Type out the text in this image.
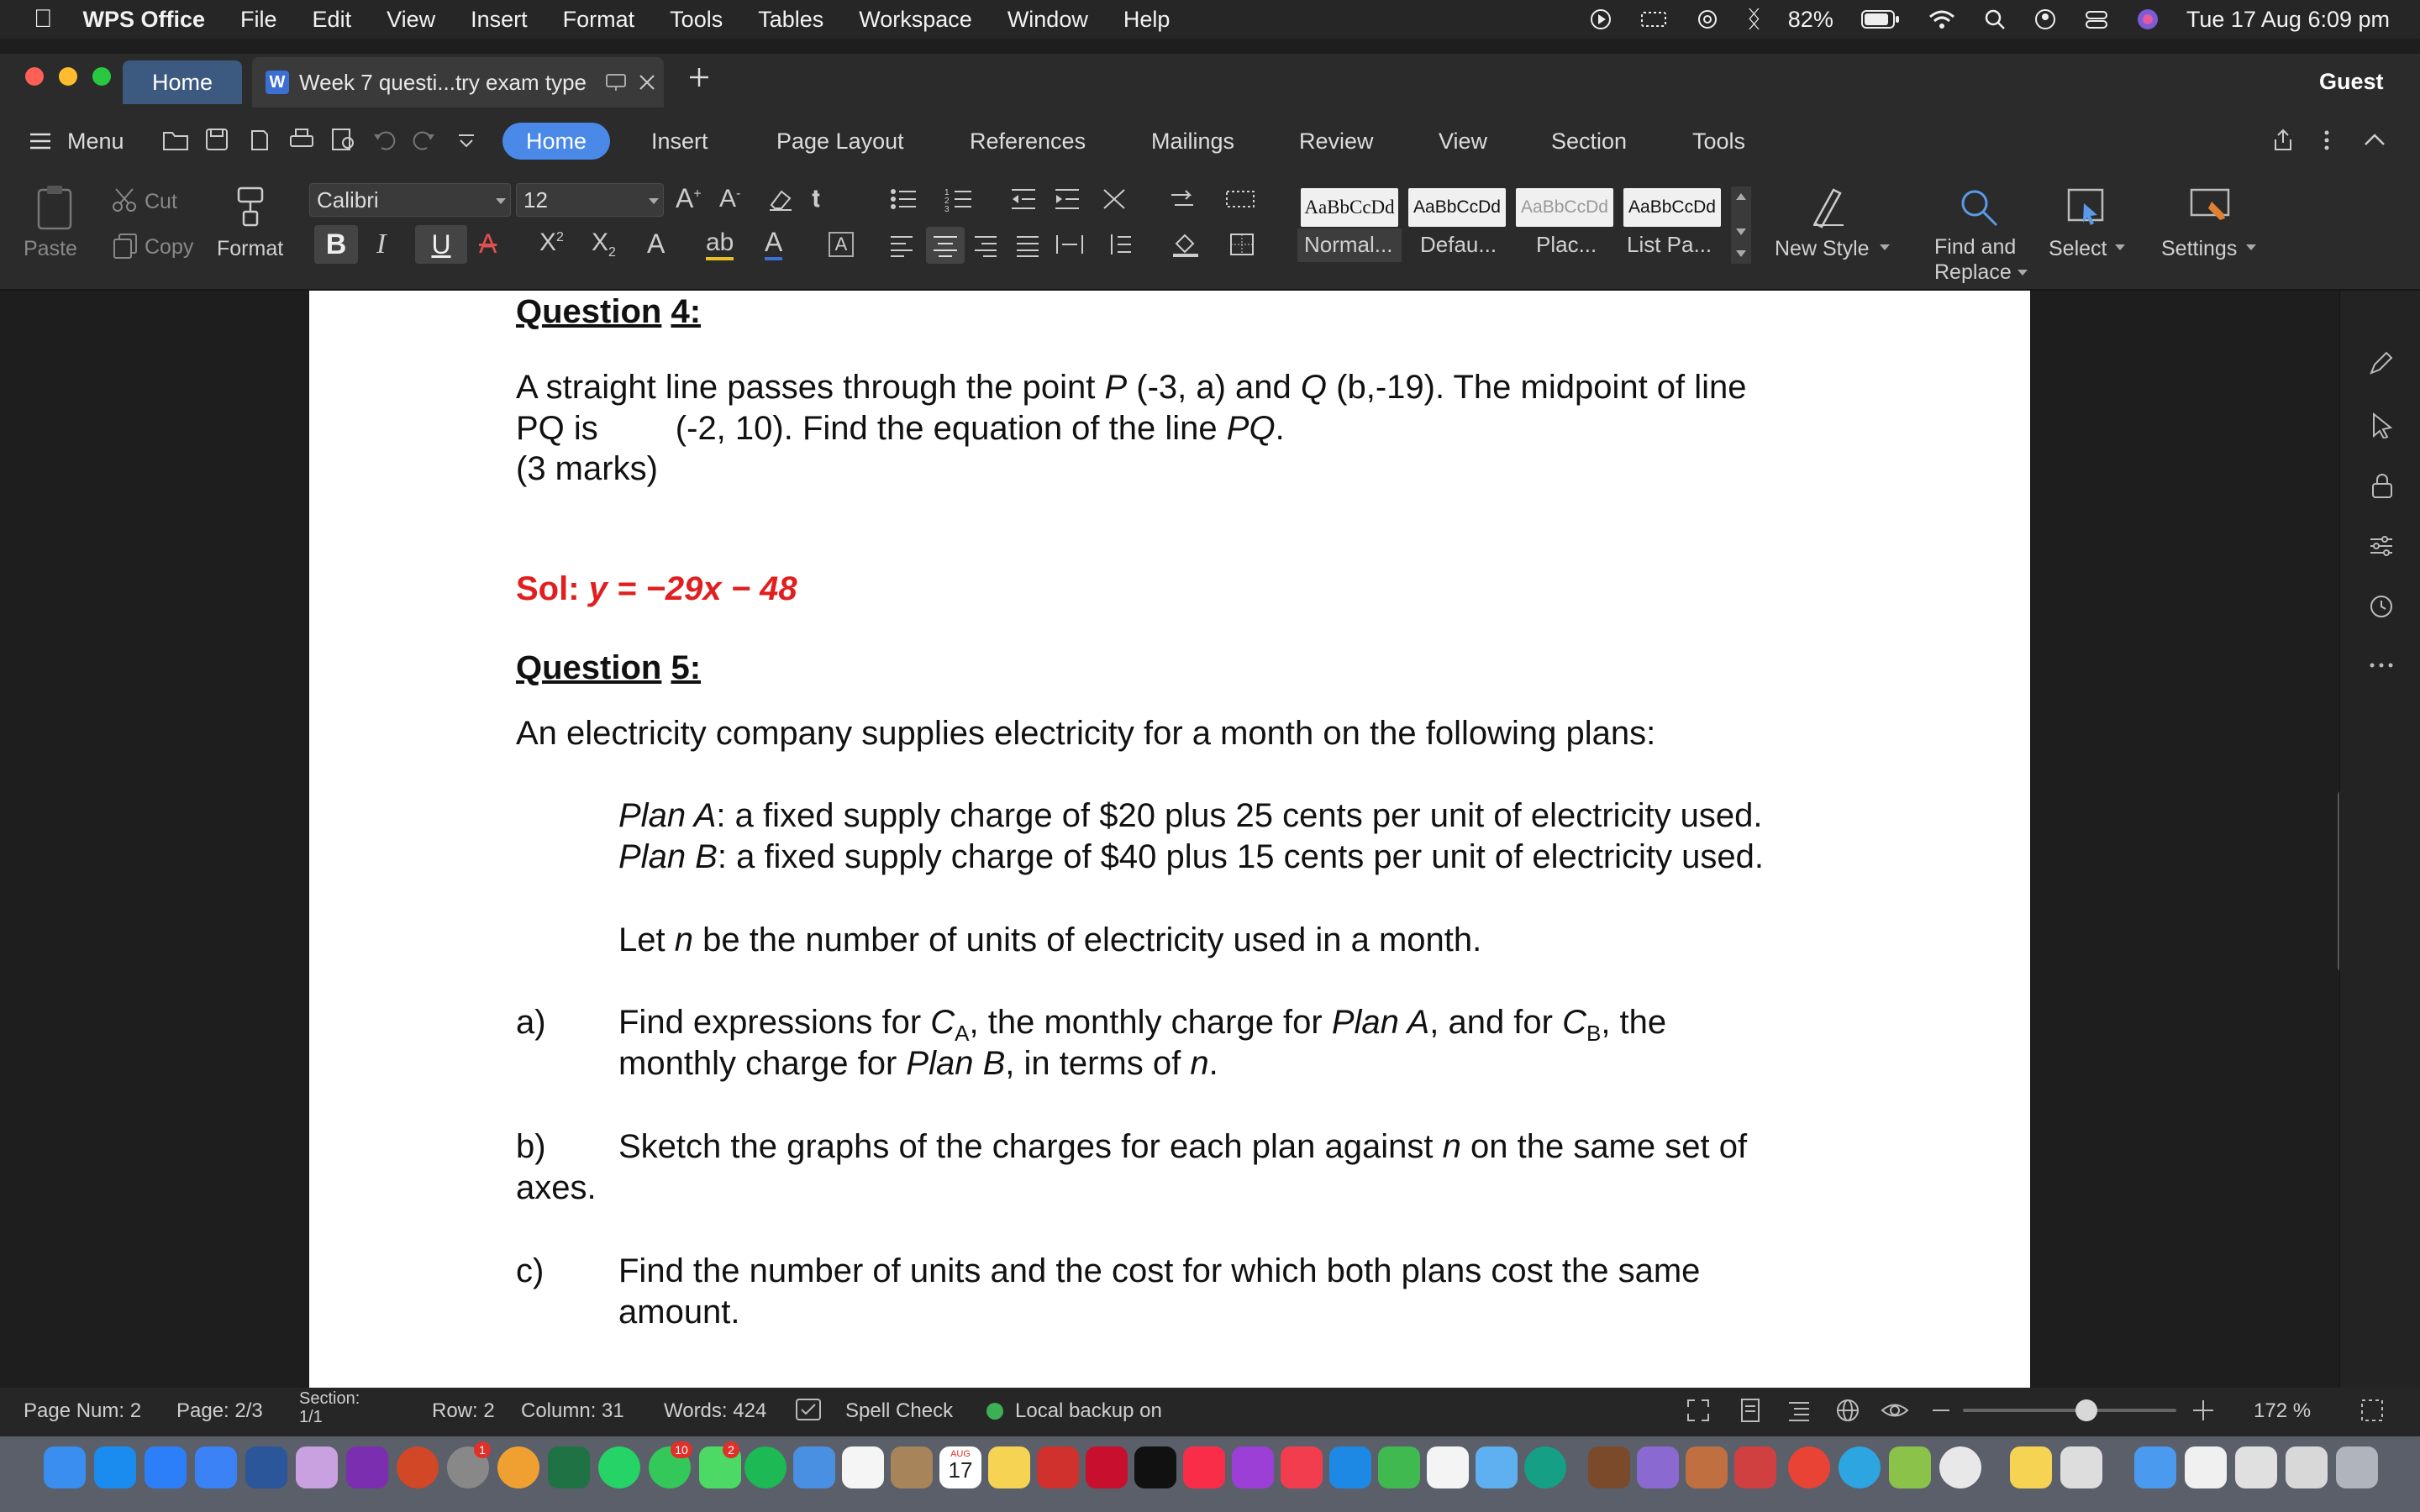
WPS Office File Edit View Insert Format Tools Tables Workspace Window Help	ᛝ 82%	Tue 17 Aug 6:09 pm
Home	W Week 7 questi...try exam type	Guest
Menu	Home	Insert	Page Layout	References	Mailings	Review	View	Section	Tools
Paste
Cut
Copy Format
Calibri	12	A+ A-	𝐭
B	I	U	A $X^2$ $X_2$ A ab A	A
1
2
3	AaBbCcDd AaBbCcDd AaBbCcDd AaBbCcDd
Normal... Defau... Plac... List Pa...	New Style	Find and
Replace
Select	Settings
Question 4:
A straight line passes through the point P (-3, a) and Q (b,-19). The midpoint of line
PQ is (-2, 10). Find the equation of the line PQ.
(3 marks)
Sol: y = −29x − 48
Question 5:
An electricity company supplies electricity for a month on the following plans:
Plan A: a fixed supply charge of $20 plus 25 cents per unit of electricity used.
Plan B: a fixed supply charge of $40 plus 15 cents per unit of electricity used.
Let n be the number of units of electricity used in a month.
a) Find expressions for $C_A$, the monthly charge for Plan A, and for $C_B$, the
monthly charge for Plan B, in terms of n.
b) Sketch the graphs of the charges for each plan against n on the same set of
axes.
c) Find the number of units and the cost for which both plans cost the same
amount.
Page Num: 2 Page: 2/3
Section:
1/1	Row: 2 Column: 31 Words: 424	Spell Check	Local backup on	172 %
1	10	2	AUG
17
